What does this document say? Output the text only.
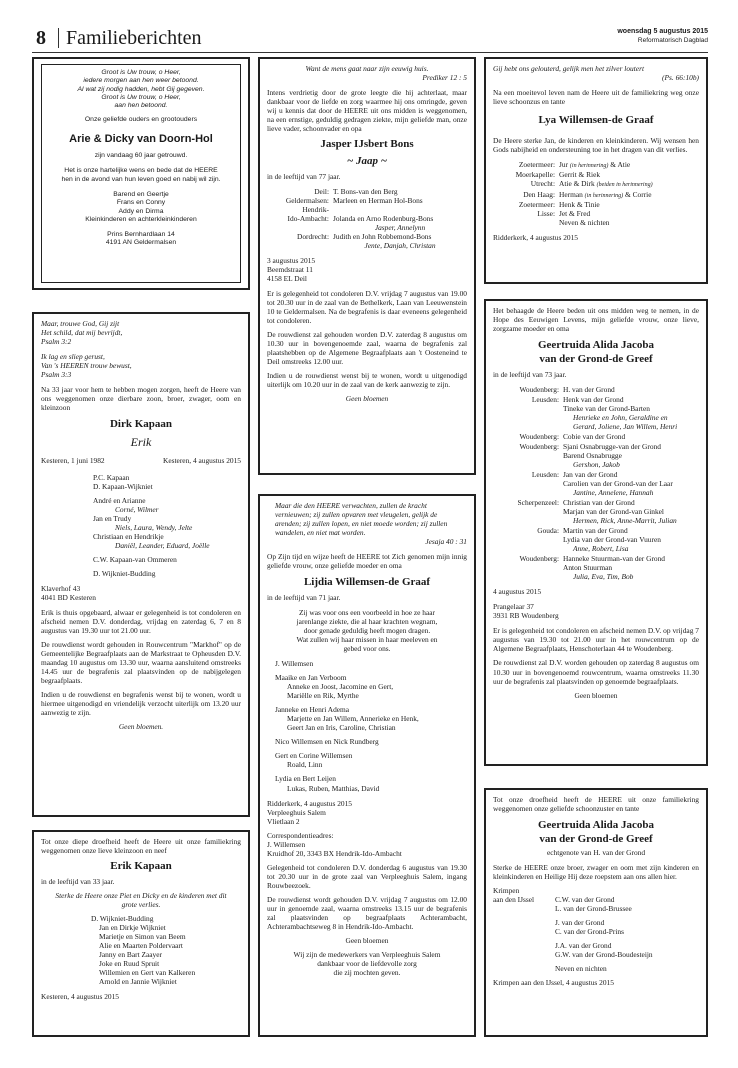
8 Familieberichten	woensdag 5 augustus 2015
Reformatorisch Dagblad
Groot is Uw trouw, o Heer,
iedere morgen aan hen weer betoond.
Al wat zij nodig hadden, hebt Gij gegeven.
Groot is Uw trouw, o Heer,
aan hen betoond.
Onze geliefde ouders en grootouders
Arie & Dicky van Doorn-Hol
zijn vandaag 60 jaar getrouwd.
Het is onze hartelijke wens en bede dat de HEERE
hen in de avond van hun leven goed en nabij wil zijn.
Barend en Geertje
Frans en Conny
Addy en Dirma
Kleinkinderen en achterkleinkinderen
Prins Bernhardlaan 14
4191 AN Geldermalsen
Maar, trouwe God, Gij zijt
Het schild, dat mij bevrijdt,
Psalm 3:2
Ik lag en sliep gerust,
Van 's HEEREN trouw bewust,
Psalm 3:3

Na 33 jaar voor hem te hebben mogen zorgen, heeft de Heere van ons weggenomen onze dierbare zoon, broer, zwager, oom en kleinzoon

Dirk Kapaan
Erik
Kesteren, 1 juni 1982	Kesteren, 4 augustus 2015
P.C. Kapaan
D. Kapaan-Wijkniet
André en Arianne
Corné, Wilmer
Jan en Trudy
Niels, Laura, Wendy, Jelte
Christiaan en Hendrikje
Daniël, Leander, Eduard, Joëlle
C.W. Kapaan-van Ommeren
D. Wijkniet-Budding
Klaverhof 43
4041 BD Kesteren

Erik is thuis opgebaard, alwaar er gelegenheid is tot condoleren en afscheid nemen D.V. donderdag, vrijdag en zaterdag 6, 7 en 8 augustus van 19.30 uur tot 21.00 uur.

De rouwdienst wordt gehouden in Rouwcentrum "Markhof" op de Gemeentelijke Begraafplaats aan de Markstraat te Opheusden D.V. maandag 10 augustus om 13.30 uur, waarna aansluitend omstreeks 14.45 uur de begrafenis zal plaatsvinden op de nabijgelegen begraafplaats.

Indien u de rouwdienst en begrafenis wenst bij te wonen, wordt u hiermee uitgenodigd en vriendelijk verzocht uiterlijk om 13.20 uur aanwezig te zijn.

Geen bloemen.

Tot onze diepe droefheid heeft de Heere uit onze familiekring weggenomen onze lieve kleinzoon en neef

Erik Kapaan

in de leeftijd van 33 jaar.

Sterke de Heere onze Piet en Dicky en de kinderen met dit grote verlies.

D. Wijkniet-Budding
Jan en Dirkje Wijkniet
Marietje en Simon van Beem
Alie en Maarten Poldervaart
Janny en Bart Zaayer
Joke en Ruud Spruit
Willemien en Gert van Kalkeren
Arnold en Jannie Wijkniet
Kesteren, 4 augustus 2015
Want de mens gaat naar zijn eeuwig huis.
Prediker 12 : 5

Intens verdrietig door de grote leegte die hij achterlaat, maar dankbaar voor de liefde en zorg waarmee hij ons omringde, geven wij u kennis dat door de HEERE uit ons midden is weggenomen, na een ernstige, geduldig gedragen ziekte, mijn geliefde man, onze lieve vader, schoonvader en opa

Jasper IJsbert Bons
~ Jaap ~

in de leeftijd van 77 jaar.

Deil: T. Bons-van den Berg
Geldermalsen: Marleen en Herman Hol-Bons
Hendrik-
Ido-Ambacht: Jolanda en Arno Rodenburg-Bons
Jasper, Annelynn
Dordrecht: Judith en John Robbemond-Bons
Jente, Danjah, Christan
3 augustus 2015
Beemdstraat 11
4158 EL Deil

Er is gelegenheid tot condoleren D.V. vrijdag 7 augustus van 19.00 tot 20.30 uur in de zaal van de Bethelkerk, Laan van Leeuwenstein 10 te Geldermalsen. Na de begrafenis is daar eveneens gelegenheid tot condoleren.

De rouwdienst zal gehouden worden D.V. zaterdag 8 augustus om 10.30 uur in bovengenoemde zaal, waarna de begrafenis zal plaatshebben op de Algemene Begraafplaats aan 't Oosteneind te Deil omstreeks 12.00 uur.

Indien u de rouwdienst wenst bij te wonen, wordt u uitgenodigd uiterlijk om 10.20 uur in de zaal van de kerk aanwezig te zijn.

Geen bloemen
Maar die den HEERE verwachten, zullen de kracht vernieuwen; zij zullen opvaren met vleugelen, gelijk de arenden; zij zullen lopen, en niet moede worden; zij zullen wandelen, en niet mat worden.
Jesaja 40 : 31

Op Zijn tijd en wijze heeft de HEERE tot Zich genomen mijn innig geliefde vrouw, onze geliefde moeder en oma

Lijdia Willemsen-de Graaf

in de leeftijd van 71 jaar.

Zij was voor ons een voorbeeld in hoe ze haar
jarenlange ziekte, die al haar krachten wegnam,
door genade geduldig heeft mogen dragen.
Wat zullen wij haar missen in haar meeleven en
gebed voor ons.
J. Willemsen
Maaike en Jan Verboom
Anneke en Joost, Jacomine en Gert,
Mariëlle en Rik, Myrthe
Janneke en Henri Adema
Marjette en Jan Willem, Annerieke en Henk,
Geert Jan en Iris, Caroline, Christian
Nico Willemsen en Nick Rundberg
Gert en Corine Willemsen
Roald, Linn
Lydia en Bert Leijen
Lukas, Ruben, Matthias, David
Ridderkerk, 4 augustus 2015
Verpleeghuis Salem
Vlietlaan 2
Correspondentieadres:
J. Willemsen
Kruidhof 20, 3343 BX Hendrik-Ido-Ambacht

Gelegenheid tot condoleren D.V. donderdag 6 augustus van 19.30 tot 20.30 uur in de grote zaal van Verpleeghuis Salem, ingang Rouwbeezoek.

De rouwdienst wordt gehouden D.V. vrijdag 7 augustus om 12.00 uur in genoemde zaal, waarna omstreeks 13.15 uur de begrafenis zal plaatsvinden op begraafplaats Achterambacht, Achterambachtseweg 8 in Hendrik-Ido-Ambacht.

Geen bloemen
Wij zijn de medewerkers van Verpleeghuis Salem
dankbaar voor de liefdevolle zorg
die zij mochten geven.
Gij hebt ons gelouterd, gelijk men het zilver loutert
(Ps. 66:10b)

Na een moeitevol leven nam de Heere uit de familiekring weg onze lieve schoonzus en tante

Lya Willemsen-de Graaf

De Heere sterke Jan, de kinderen en kleinkinderen. Wij wensen hen Gods nabijheid en ondersteuning toe in het dragen van dit verlies.

Zoetermeer: Jur (in herinnering) & Atie
Moerkapelle: Gerrit & Riek
Utrecht: Atie & Dirk (beiden in herinnering)
Den Haag: Herman (in herinnering) & Corrie
Zoetermeer: Henk & Tinie
Lisse: Jet & Fred
Neven & nichten
Ridderkerk, 4 augustus 2015

Het behaagde de Heere beden uit ons midden weg te nemen, in de Hope des Eeuwigen Levens, mijn geliefde vrouw, onze lieve, zorgzame moeder en oma

Geertruida Alida Jacoba
van der Grond-de Greef

in de leeftijd van 73 jaar.

Woudenberg: H. van der Grond
Leusden: Henk van der Grond
Tineke van der Grond-Barten
Henrieke en John, Geraldine en
Gerard, Joliene, Jan Willem, Henri
Woudenberg: Cobie van der Grond
Woudenberg: Sjani Osnabrugge-van der Grond
Barend Osnabrugge
Gershon, Jakob
Leusden: Jan van der Grond
Carolien van der Grond-van der Laar
Jantine, Annelene, Hannah
Scherpenzeel: Christian van der Grond
Marjan van der Grond-van Ginkel
Hermen, Rick, Anne-Marrit, Julian
Gouda: Martin van der Grond
Lydia van der Grond-van Vuuren
Anne, Robert, Lisa
Woudenberg: Hanneke Stuurman-van der Grond
Anton Stuurman
Julia, Eva, Tim, Bob
4 augustus 2015
Prangelaar 37
3931 RB Woudenberg

Er is gelegenheid tot condoleren en afscheid nemen D.V. op vrijdag 7 augustus van 19.30 tot 21.00 uur in het rouwcentrum op de Algemene Begraafplaats, Henschoterlaan 44 te Woudenberg.

De rouwdienst zal D.V. worden gehouden op zaterdag 8 augustus om 10.30 uur in bovengenoemd rouwcentrum, waarna omstreeks 11.30 uur de begrafenis zal plaatsvinden op genoemde begraafplaats.

Geen bloemen

Tot onze droefheid heeft de HEERE uit onze familiekring weggenomen onze geliefde schoonzuster en tante

Geertruida Alida Jacoba
van der Grond-de Greef
echtgenote van H. van der Grond

Sterke de HEERE onze broer, zwager en oom met zijn kinderen en kleinkinderen en Heilige Hij deze roepstem aan ons allen hier.

Krimpen
aan den IJssel	C.W. van der Grond
L. van der Grond-Brussee
J. van der Grond
C. van der Grond-Prins
J.A. van der Grond
G.W. van der Grond-Boudesteijn
Neven en nichten
Krimpen aan den IJssel, 4 augustus 2015
